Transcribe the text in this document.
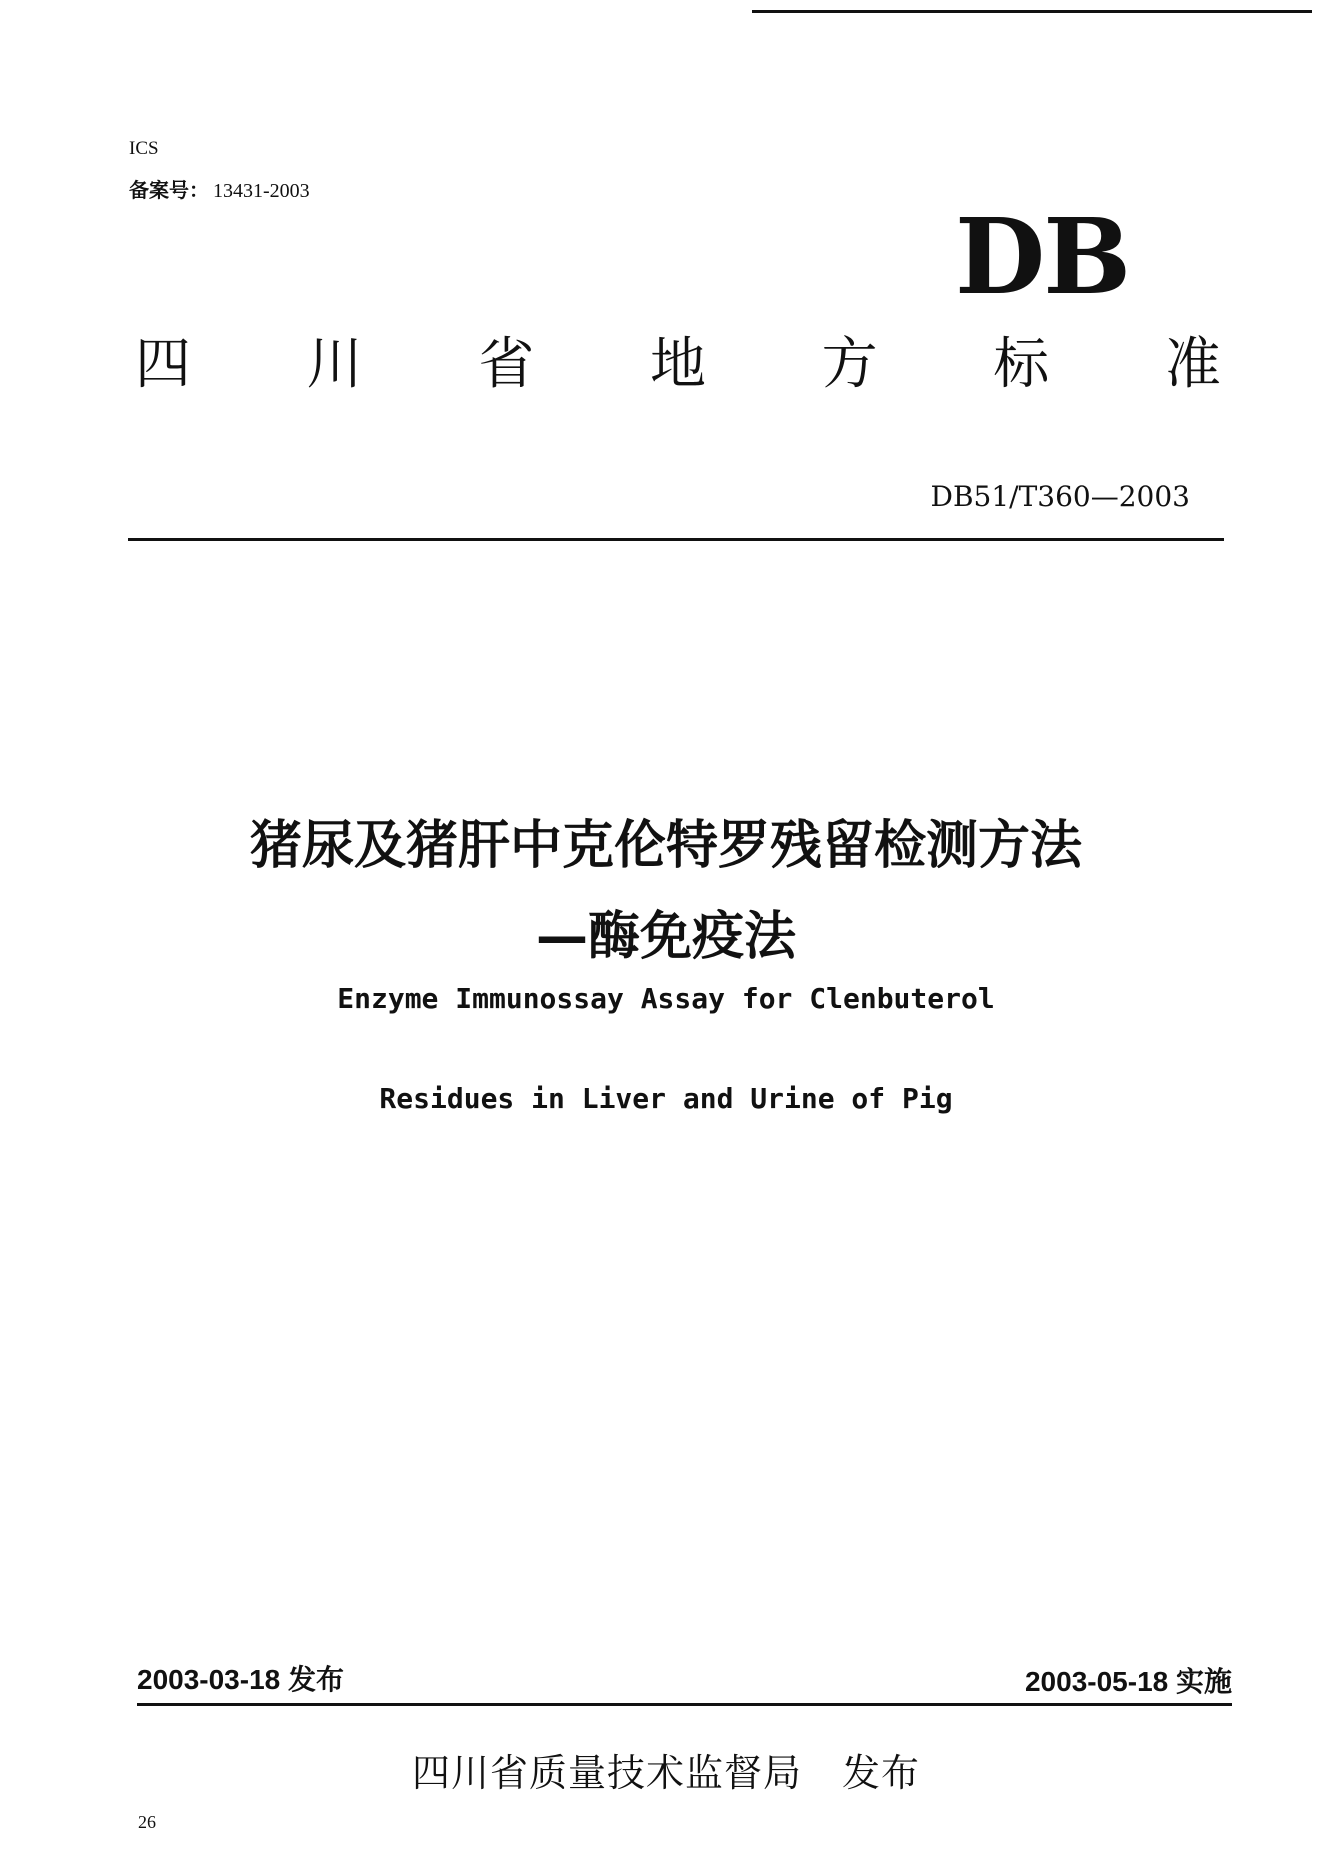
ICS
备案号： 13431-2003
DB
四 川 省 地 方 标 准
DB51/T360—2003
猪尿及猪肝中克伦特罗残留检测方法
—酶免疫法
Enzyme Immunossay Assay for Clenbuterol
Residues in Liver and Urine of Pig
2003-03-18 发布	2003-05-18 实施
四川省质量技术监督局 发布
26
